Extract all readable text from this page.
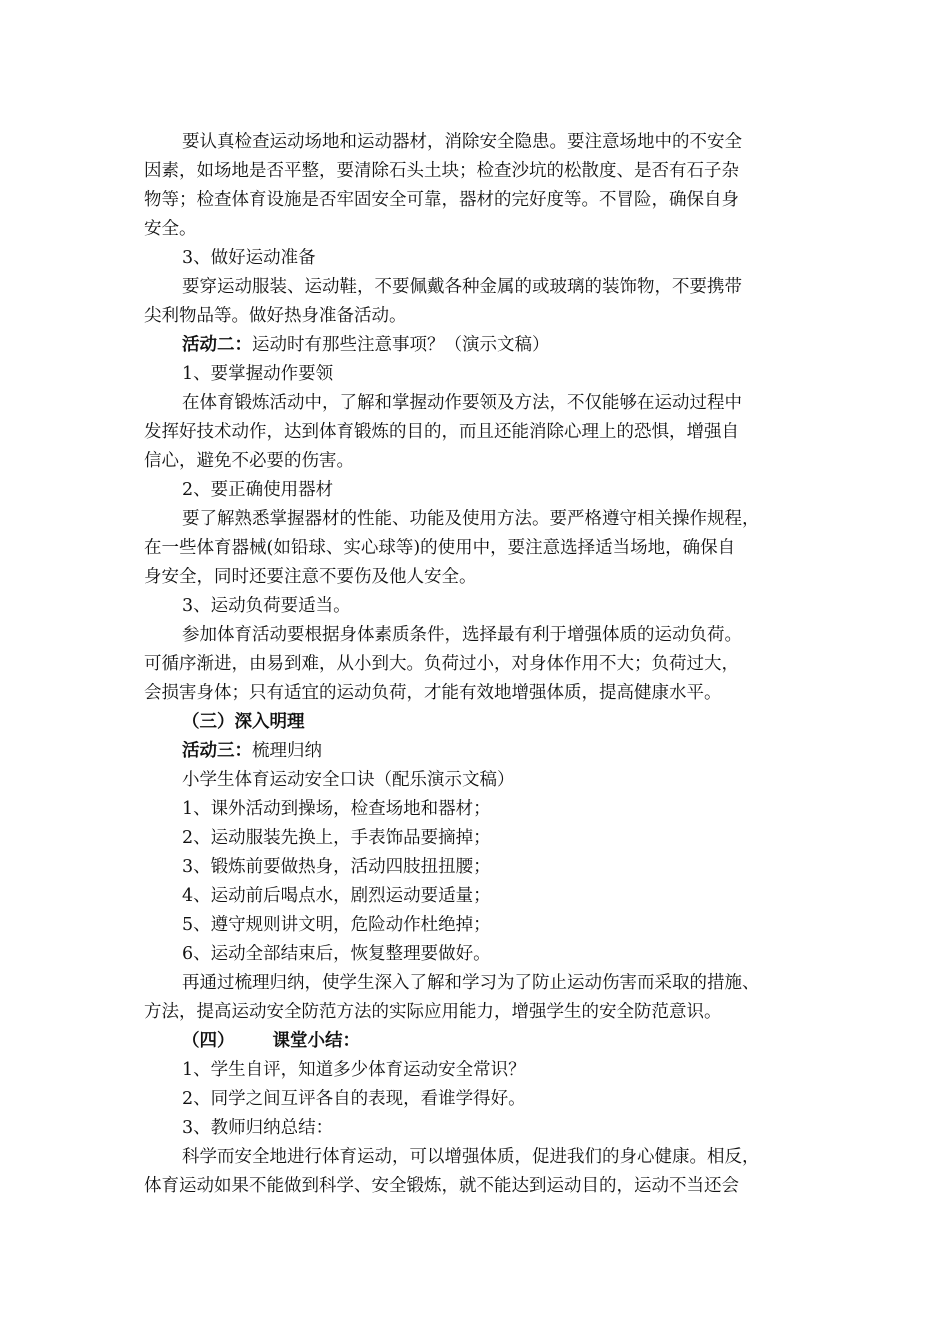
要认真检查运动场地和运动器材，消除安全隐患。要注意场地中的不安全

因素，如场地是否平整，要清除石头土块；检查沙坑的松散度、是否有石子杂

物等；检查体育设施是否牢固安全可靠，器材的完好度等。不冒险，确保自身

安全。

3、做好运动准备

要穿运动服装、运动鞋，不要佩戴各种金属的或玻璃的装饰物，不要携带

尖利物品等。做好热身准备活动。

活动二：运动时有那些注意事项？（演示文稿）

1、要掌握动作要领

在体育锻炼活动中，了解和掌握动作要领及方法，不仅能够在运动过程中

发挥好技术动作，达到体育锻炼的目的，而且还能消除心理上的恐惧，增强自

信心，避免不必要的伤害。

2、要正确使用器材

要了解熟悉掌握器材的性能、功能及使用方法。要严格遵守相关操作规程，

在一些体育器械(如铅球、实心球等)的使用中，要注意选择适当场地，确保自

身安全，同时还要注意不要伤及他人安全。

3、运动负荷要适当。

参加体育活动要根据身体素质条件，选择最有利于增强体质的运动负荷。

可循序渐进，由易到难，从小到大。负荷过小，对身体作用不大；负荷过大，

会损害身体；只有适宜的运动负荷，才能有效地增强体质，提高健康水平。

（三）深入明理

活动三：梳理归纳

小学生体育运动安全口诀（配乐演示文稿）

1、课外活动到操场，检查场地和器材；

2、运动服装先换上，手表饰品要摘掉；

3、锻炼前要做热身，活动四肢扭扭腰；

4、运动前后喝点水，剧烈运动要适量；

5、遵守规则讲文明，危险动作杜绝掉；

6、运动全部结束后，恢复整理要做好。

再通过梳理归纳，使学生深入了解和学习为了防止运动伤害而采取的措施、

方法，提高运动安全防范方法的实际应用能力，增强学生的安全防范意识。

（四） 课堂小结：

1、学生自评，知道多少体育运动安全常识？

2、同学之间互评各自的表现，看谁学得好。

3、教师归纳总结：

科学而安全地进行体育运动，可以增强体质，促进我们的身心健康。相反，

体育运动如果不能做到科学、安全锻炼，就不能达到运动目的，运动不当还会
